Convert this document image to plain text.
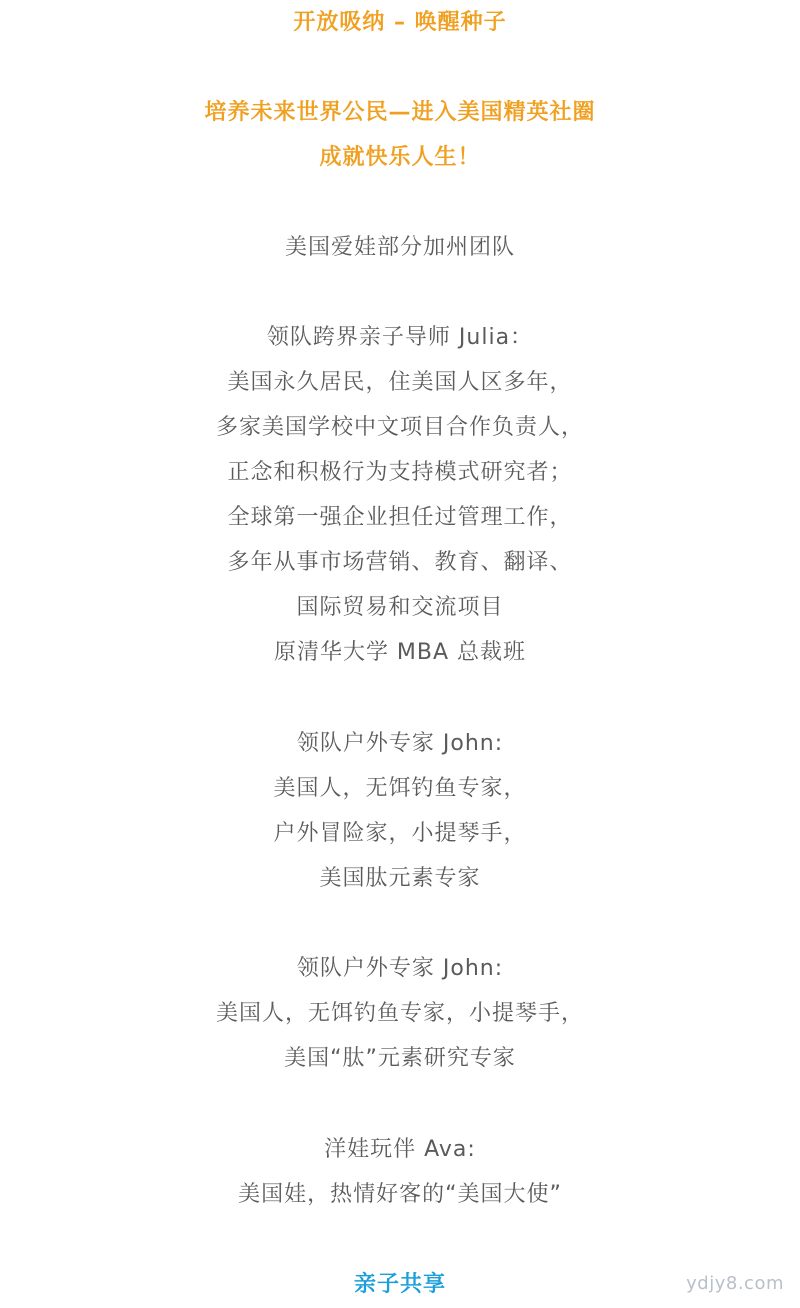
开放吸纳 – 唤醒种子
培养未来世界公民—进入美国精英社圈
成就快乐人生！
美国爱娃部分加州团队
领队跨界亲子导师 Julia：
美国永久居民，住美国人区多年，
多家美国学校中文项目合作负责人，
正念和积极行为支持模式研究者；
全球第一强企业担任过管理工作，
多年从事市场营销、教育、翻译、
国际贸易和交流项目
原清华大学 MBA 总裁班
领队户外专家 John:
美国人，无饵钓鱼专家，
户外冒险家，小提琴手，
美国肽元素专家
领队户外专家 John:
美国人，无饵钓鱼专家，小提琴手，
美国“肽”元素研究专家
洋娃玩伴 Ava:
美国娃，热情好客的“美国大使”
亲子共享	ydjy8.com
